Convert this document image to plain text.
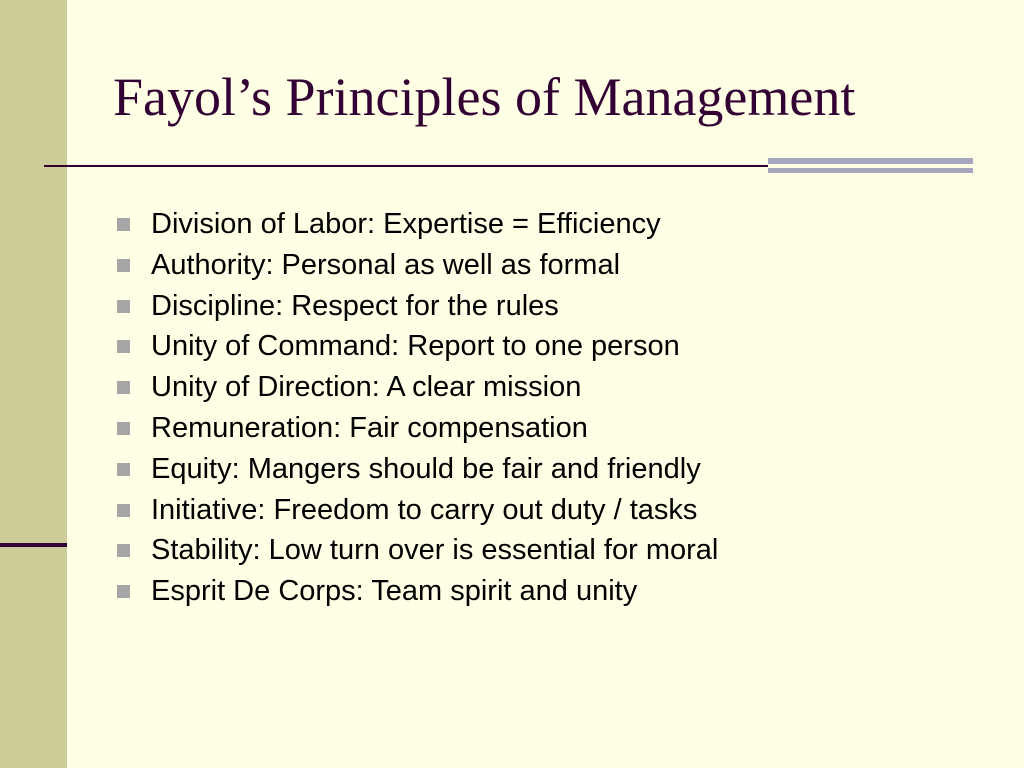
Fayol’s Principles of Management
Division of Labor: Expertise = Efficiency
Authority: Personal as well as formal
Discipline: Respect for the rules
Unity of Command: Report to one person
Unity of Direction: A clear mission
Remuneration: Fair compensation
Equity: Mangers should be fair and friendly
Initiative: Freedom to carry out duty / tasks
Stability: Low turn over is essential for moral
Esprit De Corps: Team spirit and unity
